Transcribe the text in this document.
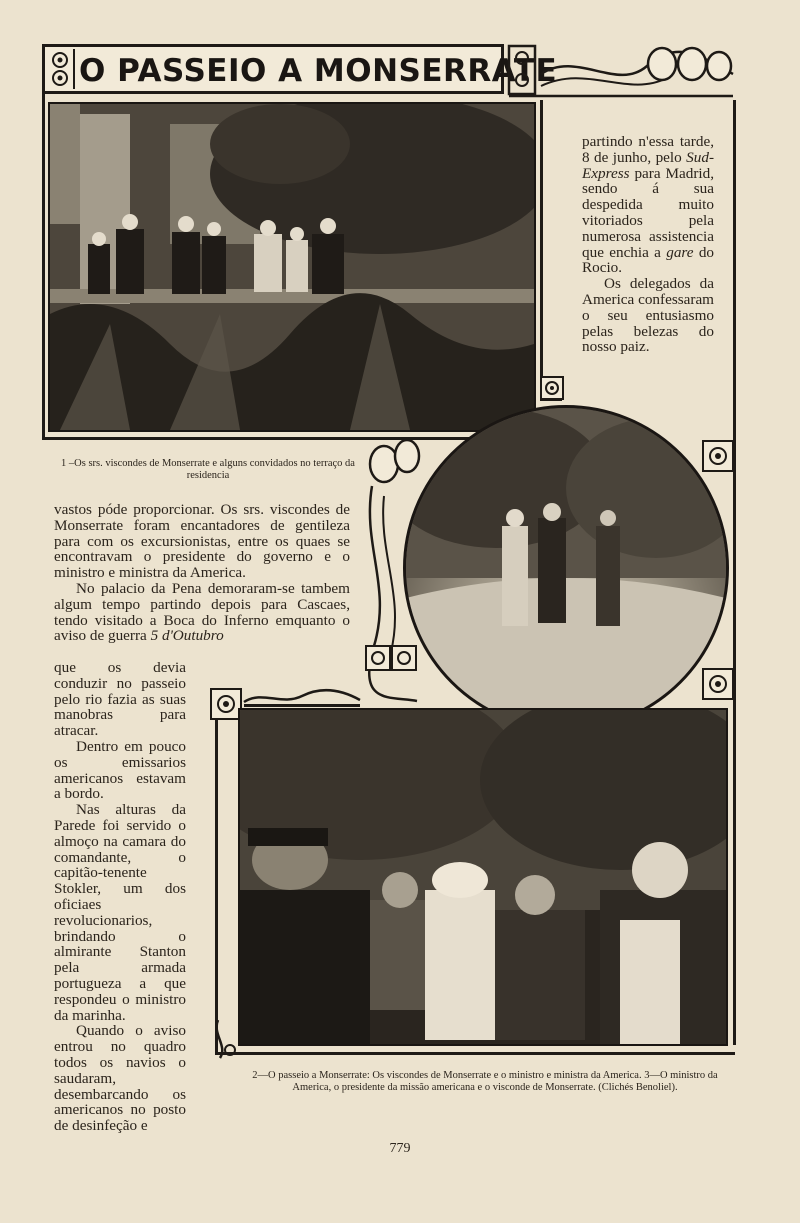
O PASSEIO A MONSERRATE
1 –Os srs. viscondes de Monserrate e alguns convidados no terraço da residencia
2—O passeio a Monserrate: Os viscondes de Monserrate e o ministro e ministra da America. 3—O ministro da America, o presidente da missão americana e o visconde de Monserrate. (Clichés Benoliel).

partindo n'essa tarde, 8 de junho, pelo Sud-Express para Madrid, sendo á sua despedida muito vitoriados pela numerosa assistencia que enchia a gare do Rocio.

Os delegados da America confessaram o seu entusiasmo pelas belezas do nosso paiz.

vastos póde proporcionar. Os srs. viscondes de Monserrate foram encantadores de gentileza para com os excursionistas, entre os quaes se encontravam o presidente do governo e o ministro e ministra da America.

No palacio da Pena demoraram-se tambem algum tempo partindo depois para Cascaes, tendo visitado a Boca do Inferno emquanto o aviso de guerra 5 d'Outubro

que os devia conduzir no passeio pelo rio fazia as suas manobras para atracar.

Dentro em pouco os emissarios americanos estavam a bordo.

Nas alturas da Parede foi servido o almoço na camara do comandante, o capitão-tenente Stokler, um dos oficiaes revolucionarios, brindando o almirante Stanton pela armada portugueza a que respondeu o ministro da marinha.

Quando o aviso entrou no quadro todos os navios o saudaram, desembarcando os americanos no posto de desinfeção e

779
